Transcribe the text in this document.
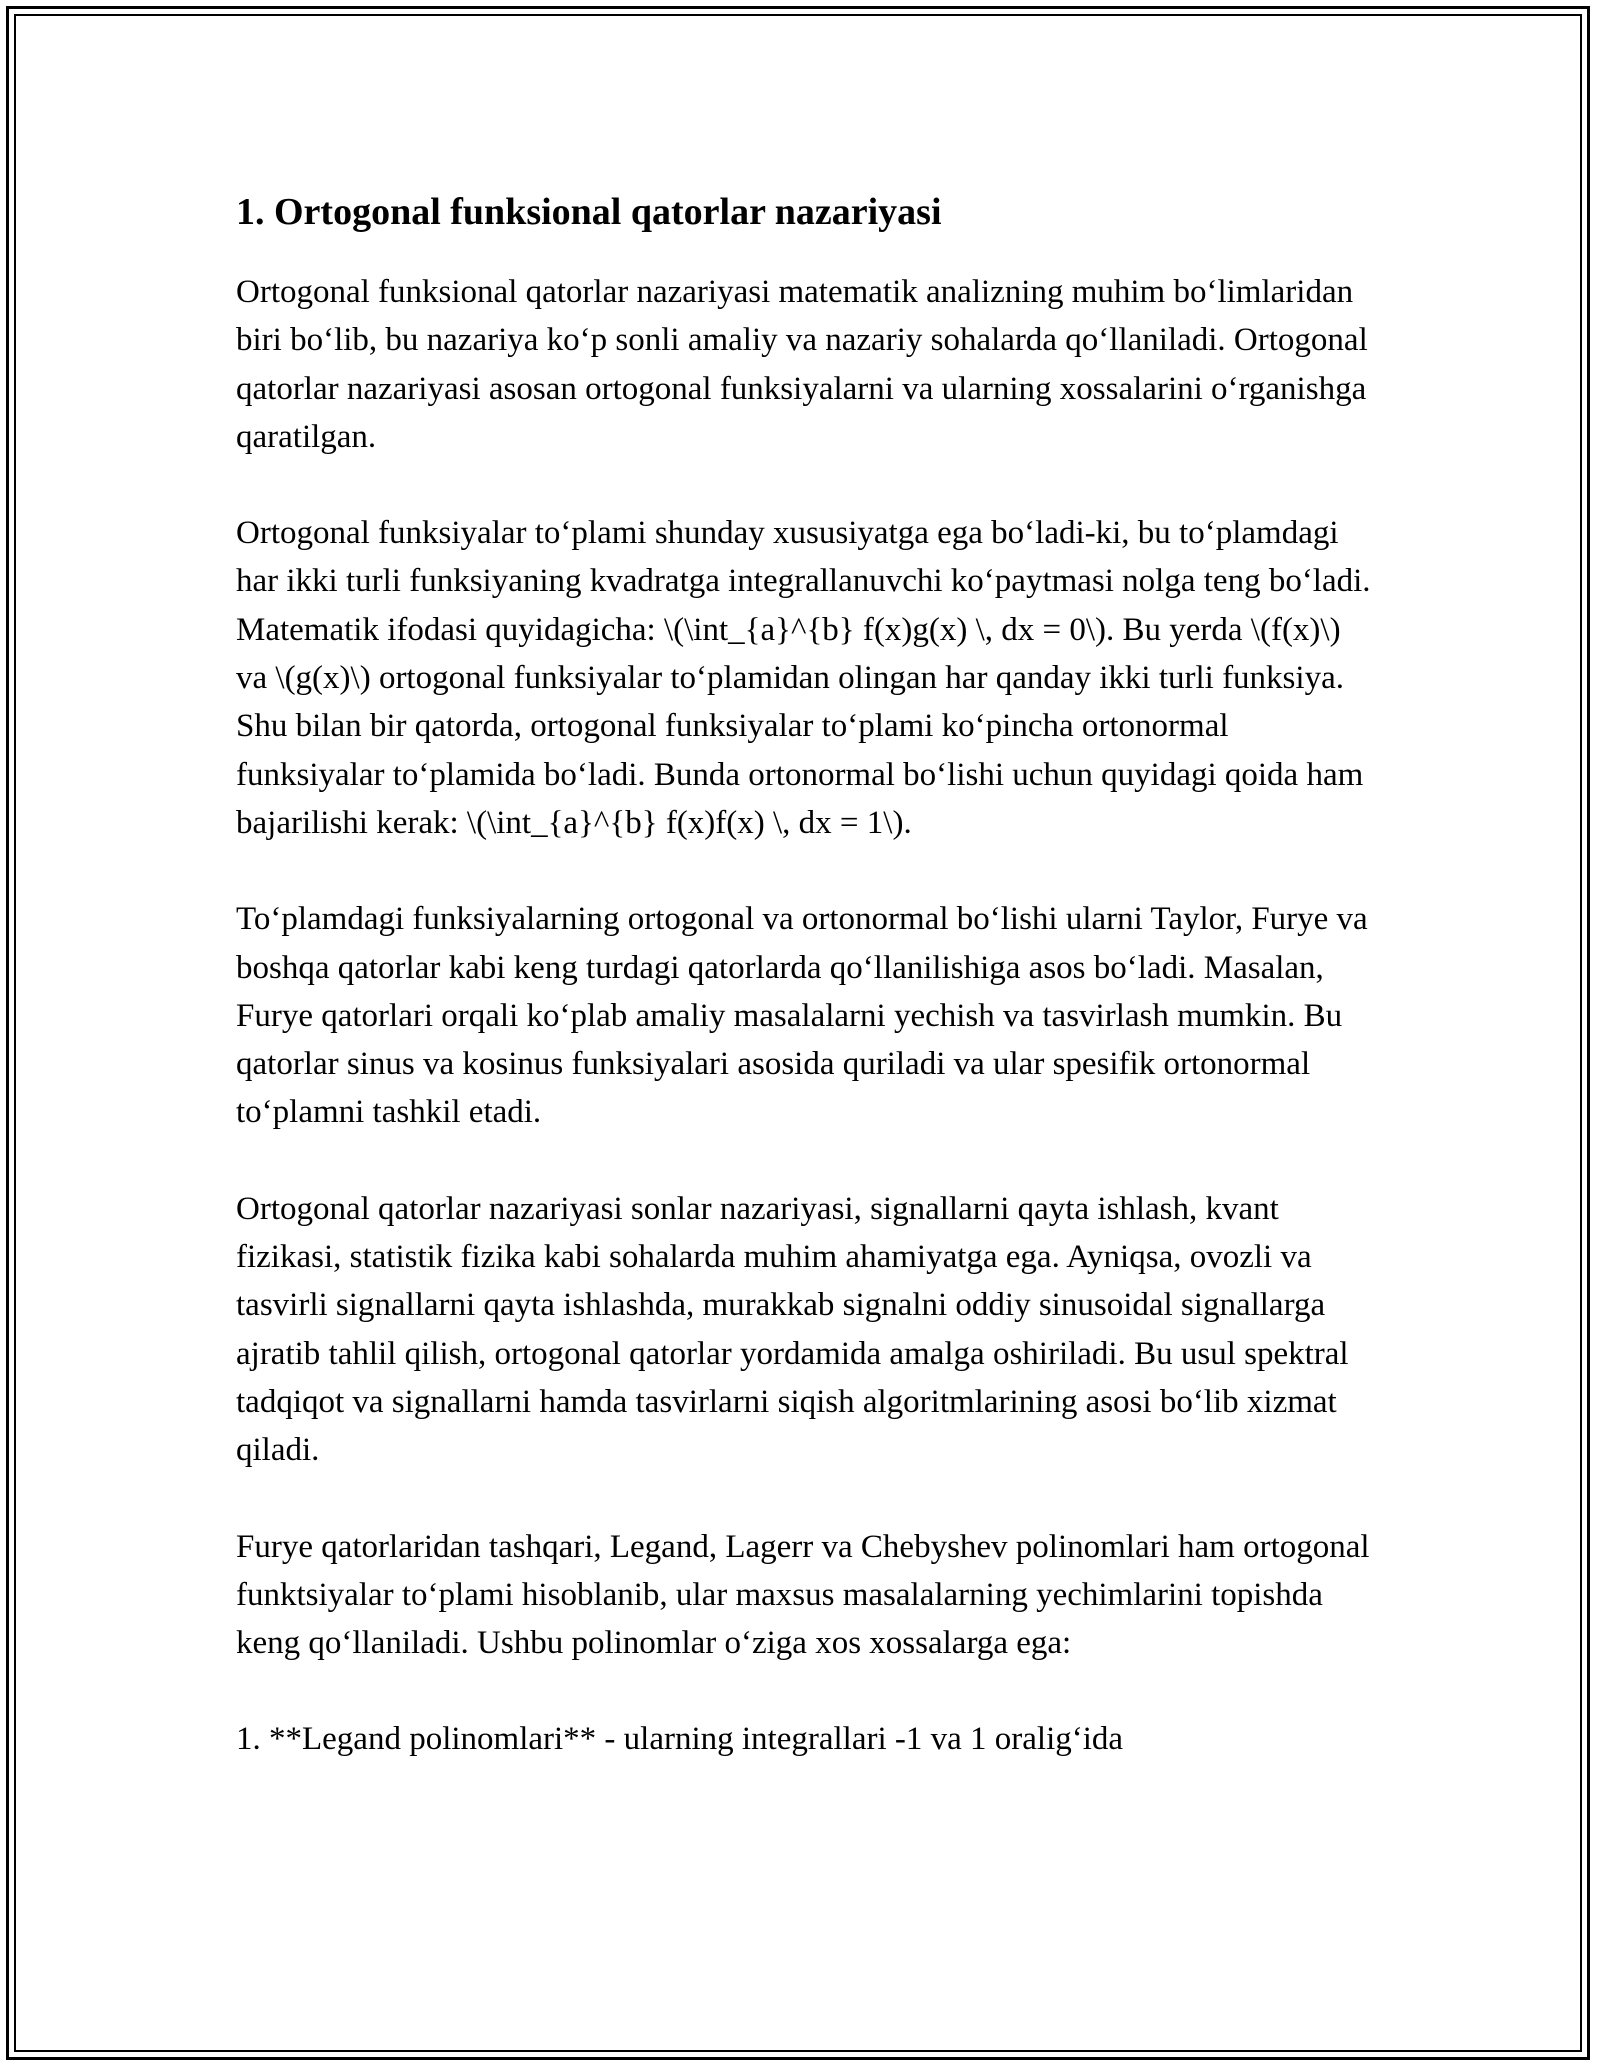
1. Ortogonal funksional qatorlar nazariyasi

Ortogonal funksional qatorlar nazariyasi matematik analizning muhim bo‘limlaridan biri bo‘lib, bu nazariya ko‘p sonli amaliy va nazariy sohalarda qo‘llaniladi. Ortogonal qatorlar nazariyasi asosan ortogonal funksiyalarni va ularning xossalarini o‘rganishga qaratilgan.

Ortogonal funksiyalar to‘plami shunday xususiyatga ega bo‘ladi-ki, bu to‘plamdagi har ikki turli funksiyaning kvadratga integrallanuvchi ko‘paytmasi nolga teng bo‘ladi. Matematik ifodasi quyidagicha: \(\int_{a}^{b} f(x)g(x) \, dx = 0\). Bu yerda \(f(x)\) va \(g(x)\) ortogonal funksiyalar to‘plamidan olingan har qanday ikki turli funksiya. Shu bilan bir qatorda, ortogonal funksiyalar to‘plami ko‘pincha ortonormal funksiyalar to‘plamida bo‘ladi. Bunda ortonormal bo‘lishi uchun quyidagi qoida ham bajarilishi kerak: \(\int_{a}^{b} f(x)f(x) \, dx = 1\).

To‘plamdagi funksiyalarning ortogonal va ortonormal bo‘lishi ularni Taylor, Furye va boshqa qatorlar kabi keng turdagi qatorlarda qo‘llanilishiga asos bo‘ladi. Masalan, Furye qatorlari orqali ko‘plab amaliy masalalarni yechish va tasvirlash mumkin. Bu qatorlar sinus va kosinus funksiyalari asosida quriladi va ular spesifik ortonormal to‘plamni tashkil etadi.

Ortogonal qatorlar nazariyasi sonlar nazariyasi, signallarni qayta ishlash, kvant fizikasi, statistik fizika kabi sohalarda muhim ahamiyatga ega. Ayniqsa, ovozli va tasvirli signallarni qayta ishlashda, murakkab signalni oddiy sinusoidal signallarga ajratib tahlil qilish, ortogonal qatorlar yordamida amalga oshiriladi. Bu usul spektral tadqiqot va signallarni hamda tasvirlarni siqish algoritmlarining asosi bo‘lib xizmat qiladi.

Furye qatorlaridan tashqari, Legand, Lagerr va Chebyshev polinomlari ham ortogonal funktsiyalar to‘plami hisoblanib, ular maxsus masalalarning yechimlarini topishda keng qo‘llaniladi. Ushbu polinomlar o‘ziga xos xossalarga ega:

1. **Legand polinomlari** - ularning integrallari -1 va 1 oralig‘ida
